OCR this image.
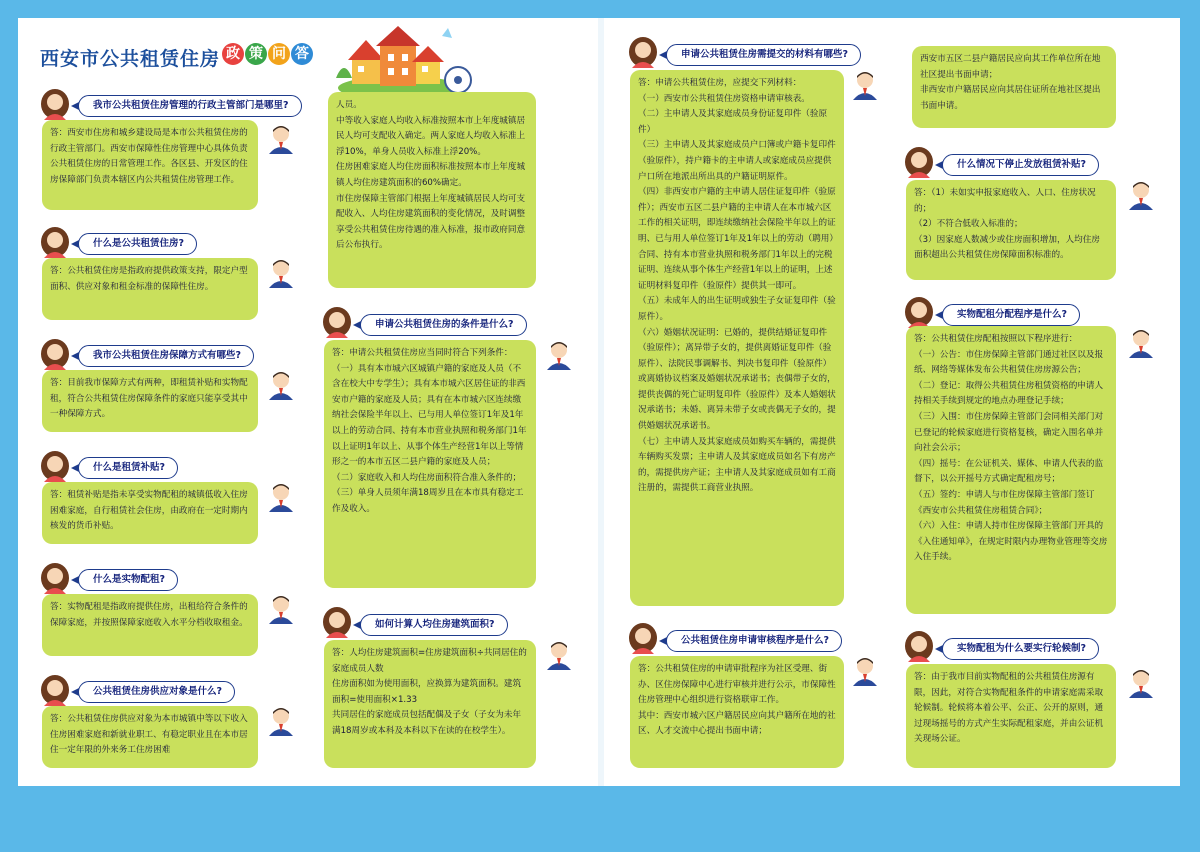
西安市公共租赁住房 政 策 问 答
我市公共租赁住房管理的行政主管部门是哪里?

答：西安市住房和城乡建设局是本市公共租赁住房的行政主管部门。西安市保障性住房管理中心具体负责公共租赁住房的日常管理工作。各区县、开发区的住房保障部门负责本辖区内公共租赁住房管理工作。

什么是公共租赁住房?

答：公共租赁住房是指政府提供政策支持，限定户型面积、供应对象和租金标准的保障性住房。

我市公共租赁住房保障方式有哪些?

答：目前我市保障方式有两种，即租赁补贴和实物配租，符合公共租赁住房保障条件的家庭只能享受其中一种保障方式。

什么是租赁补贴?

答：租赁补贴是指未享受实物配租的城镇低收入住房困难家庭，自行租赁社会住房，由政府在一定时期内核发的货币补贴。

什么是实物配租?

答：实物配租是指政府提供住房，出租给符合条件的保障家庭，并按照保障家庭收入水平分档收取租金。

公共租赁住房供应对象是什么?

答：公共租赁住房供应对象为本市城镇中等以下收入住房困难家庭和新就业职工、有稳定职业且在本市居住一定年限的外来务工住房困难

人员。

中等收入家庭人均收入标准按照本市上年度城镇居民人均可支配收入确定。两人家庭人均收入标准上浮10%，单身人员收入标准上浮20%。

住房困难家庭人均住房面积标准按照本市上年度城镇人均住房建筑面积的60%确定。

市住房保障主管部门根据上年度城镇居民人均可支配收入、人均住房建筑面积的变化情况，及时调整享受公共租赁住房待遇的准入标准，报市政府同意后公布执行。

申请公共租赁住房的条件是什么?

答：申请公共租赁住房应当同时符合下列条件：

（一）具有本市城六区城镇户籍的家庭及人员（不含在校大中专学生）；具有本市城六区居住证的非西安市户籍的家庭及人员；具有在本市城六区连续缴纳社会保险半年以上、已与用人单位签订1年及1年以上的劳动合同、持有本市营业执照和税务部门1年以上证明1年以上、从事个体生产经营1年以上等情形之一的本市五区二县户籍的家庭及人员；

（二）家庭收入和人均住房面积符合准入条件的；

（三）单身人员须年满18周岁且在本市具有稳定工作及收入。

如何计算人均住房建筑面积?

答：人均住房建筑面积=住房建筑面积÷共同居住的家庭成员人数

住房面积如为使用面积，应换算为建筑面积。建筑面积=使用面积×1.33

共同居住的家庭成员包括配偶及子女（子女为未年满18周岁或本科及本科以下在读的在校学生）。

申请公共租赁住房需提交的材料有哪些?

答：申请公共租赁住房，应提交下列材料：

（一）西安市公共租赁住房资格申请审核表。

（二）主申请人及其家庭成员身份证复印件（验原件）

（三）主申请人及其家庭成员户口簿或户籍卡复印件（验原件），持户籍卡的主申请人或家庭成员应提供户口所在地派出所出具的户籍证明原件。

（四）非西安市户籍的主申请人居住证复印件（验原件）；西安市五区二县户籍的主申请人在本市城六区工作的相关证明，即连续缴纳社会保险半年以上的证明、已与用人单位签订1年及1年以上的劳动（聘用）合同、持有本市营业执照和税务部门1年以上的完税证明、连续从事个体生产经营1年以上的证明，上述证明材料复印件（验原件）提供其一即可。

（五）未成年人的出生证明或独生子女证复印件（验原件）。

（六）婚姻状况证明：已婚的，提供结婚证复印件（验原件）；离异带子女的，提供离婚证复印件（验原件）、法院民事调解书、判决书复印件（验原件）或离婚协议档案及婚姻状况承诺书；丧偶带子女的，提供丧偶的死亡证明复印件（验原件）及本人婚姻状况承诺书；未婚、离异未带子女或丧偶无子女的，提供婚姻状况承诺书。

（七）主申请人及其家庭成员如购买车辆的，需提供车辆购买发票；主申请人及其家庭成员如名下有房产的，需提供房产证；主申请人及其家庭成员如有工商注册的，需提供工商营业执照。

公共租赁住房申请审核程序是什么?

答：公共租赁住房的申请审批程序为社区受理、街办、区住房保障中心进行审核并进行公示，市保障性住房管理中心组织进行资格联审工作。

其中：西安市城六区户籍居民应向其户籍所在地的社区、人才交流中心提出书面申请；

西安市五区二县户籍居民应向其工作单位所在地社区提出书面申请；

非西安市户籍居民应向其居住证所在地社区提出书面申请。

什么情况下停止发放租赁补贴?

答：（1）未如实申报家庭收入、人口、住房状况的；

（2）不符合低收入标准的；

（3）因家庭人数减少或住房面积增加，人均住房面积超出公共租赁住房保障面积标准的。

实物配租分配程序是什么?

答：公共租赁住房配租按照以下程序进行：

（一）公告：市住房保障主管部门通过社区以及报纸、网络等媒体发布公共租赁住房房源公告；

（二）登记：取得公共租赁住房租赁资格的申请人持相关手续到规定的地点办理登记手续；

（三）入围：市住房保障主管部门会同相关部门对已登记的轮候家庭进行资格复核，确定入围名单并向社会公示；

（四）摇号：在公证机关、媒体、申请人代表的监督下，以公开摇号方式确定配租房号；

（五）签约：申请人与市住房保障主管部门签订《西安市公共租赁住房租赁合同》；

（六）入住：申请人持市住房保障主管部门开具的《入住通知单》，在规定时限内办理物业管理等交房入住手续。

实物配租为什么要实行轮候制?

答：由于我市目前实物配租的公共租赁住房源有限，因此，对符合实物配租条件的申请家庭需采取轮候制。轮候将本着公平、公正、公开的原则，通过现场摇号的方式产生实际配租家庭，并由公证机关现场公证。
